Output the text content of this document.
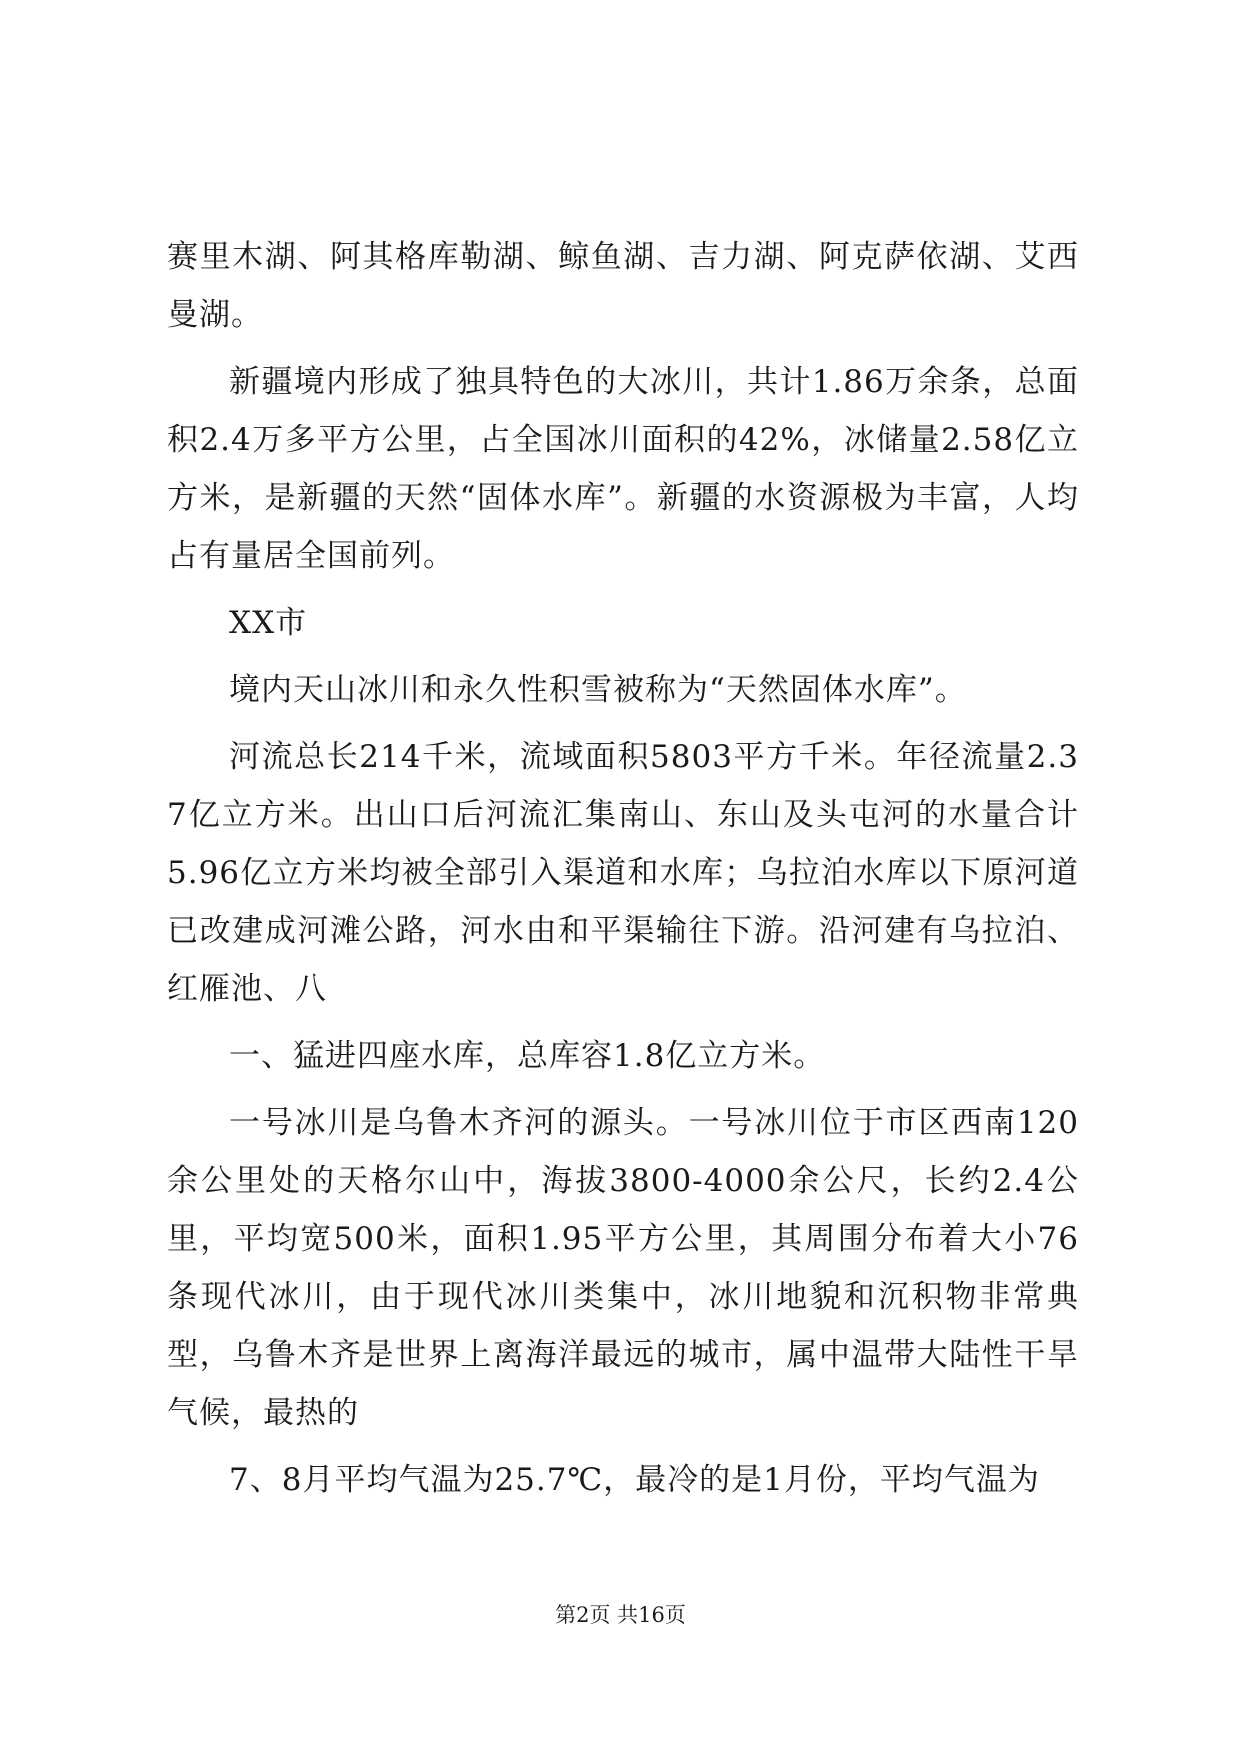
赛里木湖、阿其格库勒湖、鲸鱼湖、吉力湖、阿克萨依湖、艾西曼湖。

新疆境内形成了独具特色的大冰川，共计1.86万余条，总面积2.4万多平方公里，占全国冰川面积的42%，冰储量2.58亿立方米，是新疆的天然“固体水库”。新疆的水资源极为丰富，人均占有量居全国前列。

XX市

境内天山冰川和永久性积雪被称为“天然固体水库”。

河流总长214千米，流域面积5803平方千米。年径流量2.37亿立方米。出山口后河流汇集南山、东山及头屯河的水量合计5.96亿立方米均被全部引入渠道和水库；乌拉泊水库以下原河道已改建成河滩公路，河水由和平渠输往下游。沿河建有乌拉泊、红雁池、八

一、猛进四座水库，总库容1.8亿立方米。

一号冰川是乌鲁木齐河的源头。一号冰川位于市区西南120余公里处的天格尔山中，海拔3800-4000余公尺，长约2.4公里，平均宽500米，面积1.95平方公里，其周围分布着大小76条现代冰川，由于现代冰川类集中，冰川地貌和沉积物非常典型，乌鲁木齐是世界上离海洋最远的城市，属中温带大陆性干旱气候，最热的

7、8月平均气温为25.7℃，最冷的是1月份，平均气温为

第2页 共16页
